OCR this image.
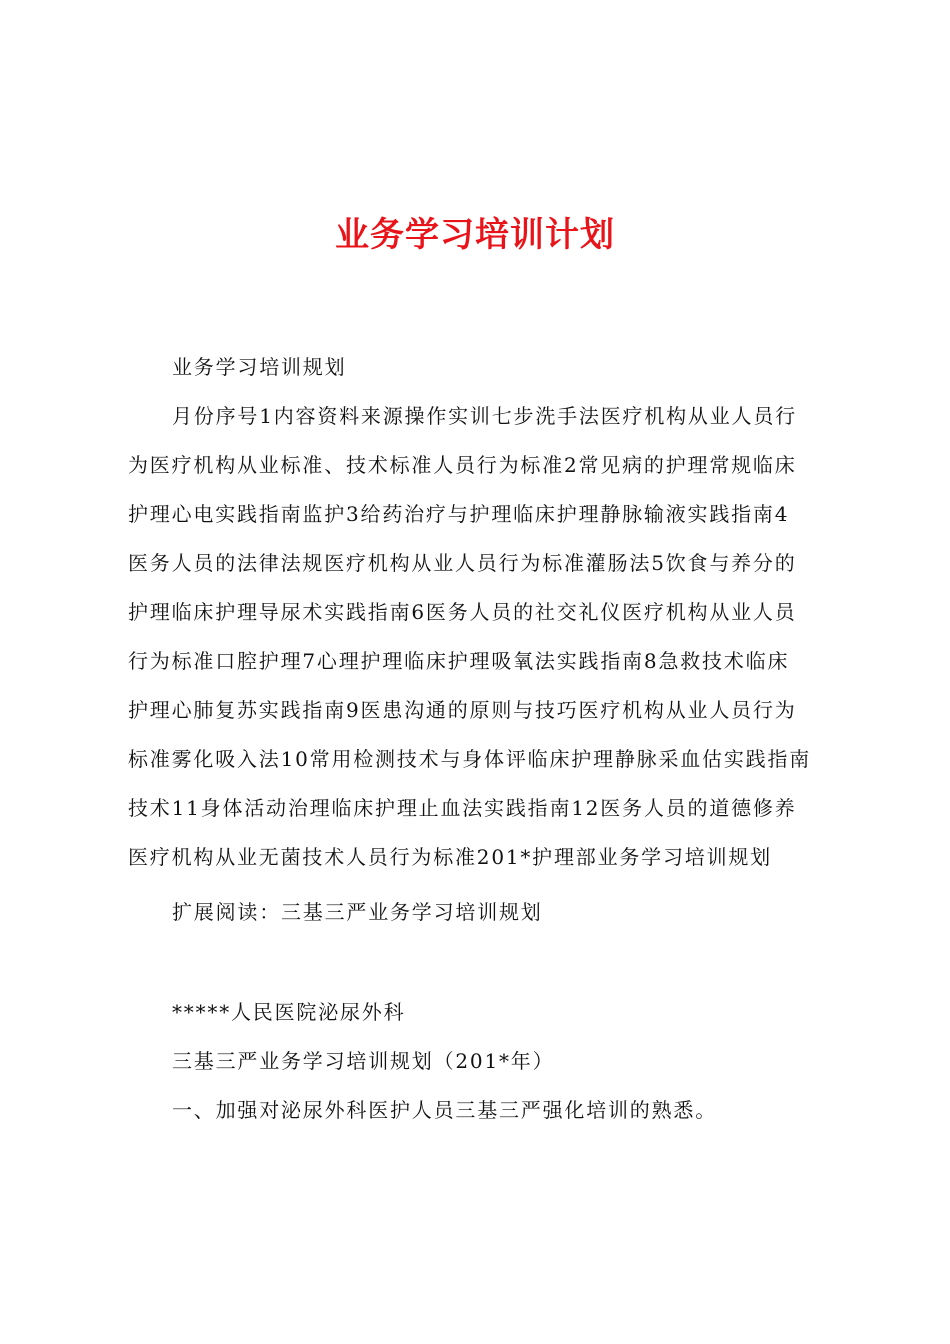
业务学习培训计划

业务学习培训规划

月份序号1内容资料来源操作实训七步洗手法医疗机构从业人员行
为医疗机构从业标准、技术标准人员行为标准2常见病的护理常规临床
护理心电实践指南监护3给药治疗与护理临床护理静脉输液实践指南4
医务人员的法律法规医疗机构从业人员行为标准灌肠法5饮食与养分的
护理临床护理导尿术实践指南6医务人员的社交礼仪医疗机构从业人员
行为标准口腔护理7心理护理临床护理吸氧法实践指南8急救技术临床
护理心肺复苏实践指南9医患沟通的原则与技巧医疗机构从业人员行为
标准雾化吸入法10常用检测技术与身体评临床护理静脉采血估实践指南
技术11身体活动治理临床护理止血法实践指南12医务人员的道德修养
医疗机构从业无菌技术人员行为标准201*护理部业务学习培训规划

扩展阅读：三基三严业务学习培训规划

*****人民医院泌尿外科

三基三严业务学习培训规划（201*年）

一、加强对泌尿外科医护人员三基三严强化培训的熟悉。
